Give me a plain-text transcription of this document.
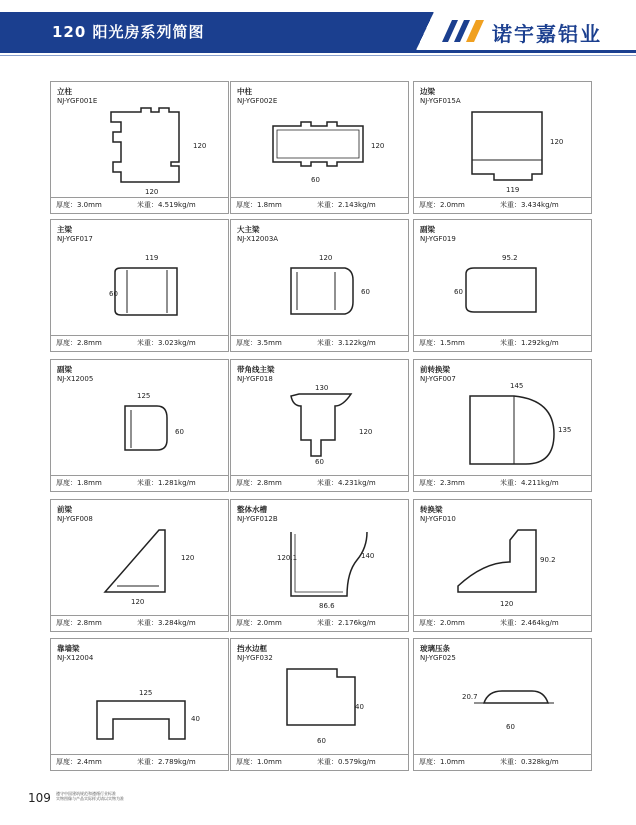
120 阳光房系列简图	诺宇嘉铝业
立柱
NJ-YGF001E
120
120
厚度：3.0mm	米重：4.519kg/m
中柱
NJ-YGF002E
60
120
厚度：1.8mm	米重：2.143kg/m
边梁
NJ-YGF015A
119
120
厚度：2.0mm	米重：3.434kg/m
主梁
NJ-YGF017
119
60
厚度：2.8mm	米重：3.023kg/m
大主梁
NJ-X12003A
120
60
厚度：3.5mm	米重：3.122kg/m
副梁
NJ-YGF019
95.2
60
厚度：1.5mm	米重：1.292kg/m
副梁
NJ-X12005
125
60
厚度：1.8mm	米重：1.281kg/m
带角线主梁
NJ-YGF018
130
120
60
厚度：2.8mm	米重：4.231kg/m
前转换梁
NJ-YGF007
145
135
厚度：2.3mm	米重：4.211kg/m
前梁
NJ-YGF008
120
120
厚度：2.8mm	米重：3.284kg/m
整体水槽
NJ-YGF012B
120.1	140
86.6
厚度：2.0mm	米重：2.176kg/m
转换梁
NJ-YGF010
90.2
120
厚度：2.0mm	米重：2.464kg/m
靠墙梁
NJ-X12004
125
40
厚度：2.4mm	米重：2.789kg/m
挡水边框
NJ-YGF032
40
60
厚度：1.0mm	米重：0.579kg/m
玻璃压条
NJ-YGF025
20.7
60
厚度：1.0mm	米重：0.328kg/m
109 遵守中国建筑规范和遵循行业标准
实物图像与产品实际样式请以实物为准
